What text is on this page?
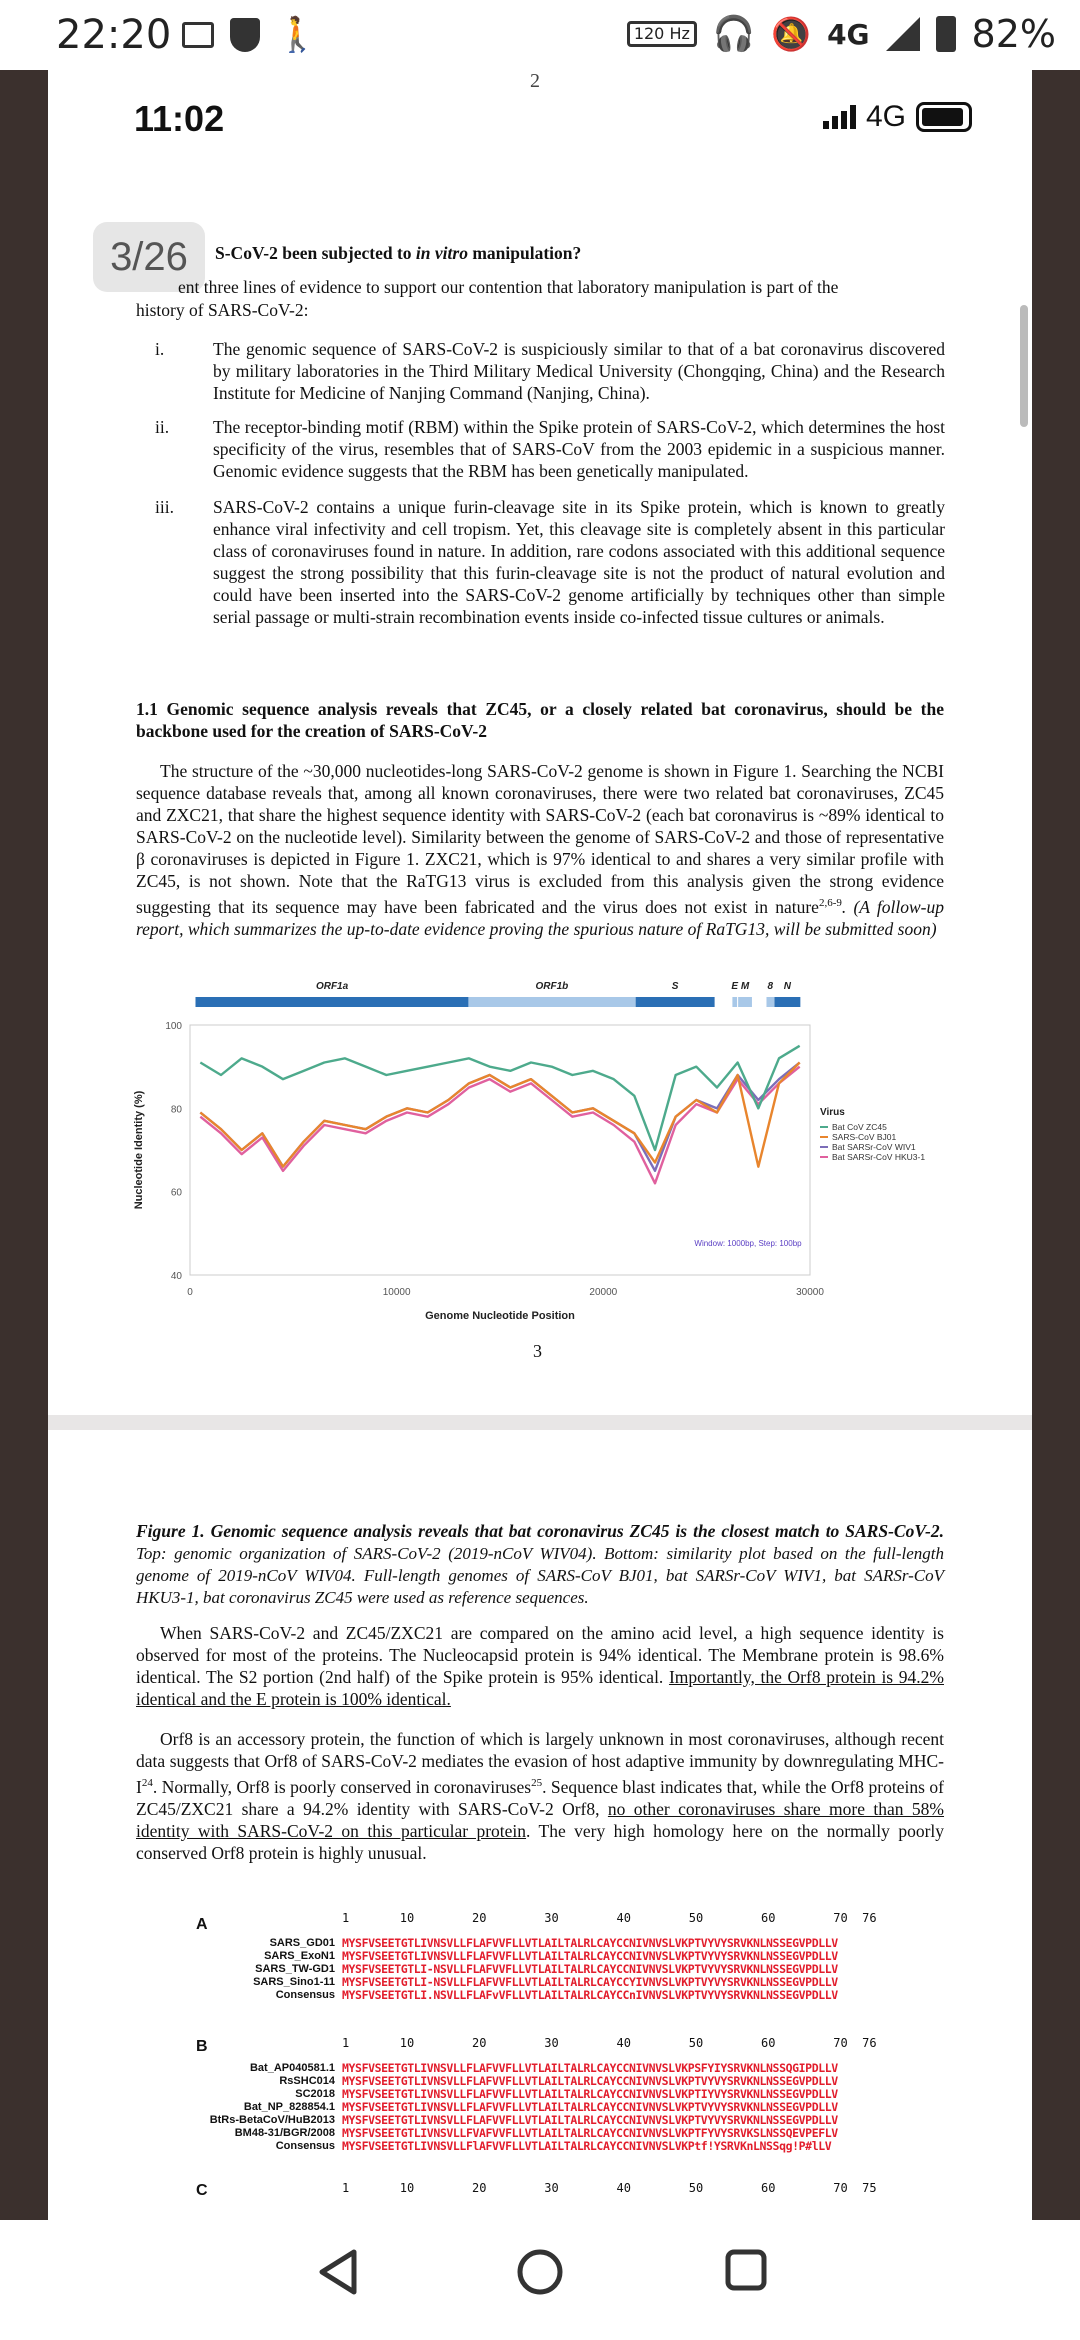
22:20	🚶	120 Hz 🎧 🔕 4G	82%
2
11:02	4G
3/26	S-CoV-2 been subjected to in vitro manipulation?
ent three lines of evidence to support our contention that laboratory manipulation is part of the
history of SARS-CoV-2:
i.	The genomic sequence of SARS-CoV-2 is suspiciously similar to that of a bat coronavirus discovered by military laboratories in the Third Military Medical University (Chongqing, China) and the Research Institute for Medicine of Nanjing Command (Nanjing, China).
ii.	The receptor-binding motif (RBM) within the Spike protein of SARS-CoV-2, which determines the host specificity of the virus, resembles that of SARS-CoV from the 2003 epidemic in a suspicious manner. Genomic evidence suggests that the RBM has been genetically manipulated.
iii.	SARS-CoV-2 contains a unique furin-cleavage site in its Spike protein, which is known to greatly enhance viral infectivity and cell tropism. Yet, this cleavage site is completely absent in this particular class of coronaviruses found in nature. In addition, rare codons associated with this additional sequence suggest the strong possibility that this furin-cleavage site is not the product of natural evolution and could have been inserted into the SARS-CoV-2 genome artificially by techniques other than simple serial passage or multi-strain recombination events inside co-infected tissue cultures or animals.
1.1 Genomic sequence analysis reveals that ZC45, or a closely related bat coronavirus, should be the backbone used for the creation of SARS-CoV-2
The structure of the ~30,000 nucleotides-long SARS-CoV-2 genome is shown in Figure 1. Searching the NCBI sequence database reveals that, among all known coronaviruses, there were two related bat coronaviruses, ZC45 and ZXC21, that share the highest sequence identity with SARS-CoV-2 (each bat coronavirus is ~89% identical to SARS-CoV-2 on the nucleotide level). Similarity between the genome of SARS-CoV-2 and those of representative β coronaviruses is depicted in Figure 1. ZXC21, which is 97% identical to and shares a very similar profile with ZC45, is not shown. Note that the RaTG13 virus is excluded from this analysis given the strong evidence suggesting that its sequence may have been fabricated and the virus does not exist in nature$^{2,6-9}$. (A follow-up report, which summarizes the up-to-date evidence proving the spurious nature of RaTG13, will be submitted soon)
ORF1a	ORF1b	S	E M 8 N
100
80
60
40
0	10000	20000	30000
Genome Nucleotide Position
Nucleotide Identity (%)
Window: 1000bp, Step: 100bp
Virus
Bat CoV ZC45
SARS-CoV BJ01
Bat SARSr-CoV WIV1
Bat SARSr-CoV HKU3-1
3
Figure 1. Genomic sequence analysis reveals that bat coronavirus ZC45 is the closest match to SARS-CoV-2. Top: genomic organization of SARS-CoV-2 (2019-nCoV WIV04). Bottom: similarity plot based on the full-length genome of 2019-nCoV WIV04. Full-length genomes of SARS-CoV BJ01, bat SARSr-CoV WIV1, bat SARSr-CoV HKU3-1, bat coronavirus ZC45 were used as reference sequences.
When SARS-CoV-2 and ZC45/ZXC21 are compared on the amino acid level, a high sequence identity is observed for most of the proteins. The Nucleocapsid protein is 94% identical. The Membrane protein is 98.6% identical. The S2 portion (2nd half) of the Spike protein is 95% identical. Importantly, the Orf8 protein is 94.2% identical and the E protein is 100% identical.
Orf8 is an accessory protein, the function of which is largely unknown in most coronaviruses, although recent data suggests that Orf8 of SARS-CoV-2 mediates the evasion of host adaptive immunity by downregulating MHC-$I^{24}$. Normally, Orf8 is poorly conserved in coronaviruses$^{25}$. Sequence blast indicates that, while the Orf8 proteins of ZC45/ZXC21 share a 94.2% identity with SARS-CoV-2 Orf8, no other coronaviruses share more than 58% identity with SARS-CoV-2 on this particular protein. The very high homology here on the normally poorly conserved Orf8 protein is highly unusual.
A	1       10        20        30        40        50        60        70  76
SARS_GD01 MYSFVSEETGTLIVNSVLLFLAFVVFLLVTLAILTALRLCAYCCNIVNVSLVKPTVYVYSRVKNLNSSEGVPDLLV
SARS_ExoN1 MYSFVSEETGTLIVNSVLLFLAFVVFLLVTLAILTALRLCAYCCNIVNVSLVKPTVYVYSRVKNLNSSEGVPDLLV
SARS_TW-GD1 MYSFVSEETGTLI-NSVLLFLAFVVFLLVTLAILTALRLCAYCCNIVNVSLVKPTVYVYSRVKNLNSSEGVPDLLV
SARS_Sino1-11 MYSFVSEETGTLI-NSVLLFLAFVVFLLVTLAILTALRLCAYCCYIVNVSLVKPTVYVYSRVKNLNSSEGVPDLLV
Consensus MYSFVSEETGTLI.NSVLLFLAFvVFLLVTLAILTALRLCAYCCnIVNVSLVKPTVYVYSRVKNLNSSEGVPDLLV
B	1       10        20        30        40        50        60        70  76
Bat_AP040581.1 MYSFVSEETGTLIVNSVLLFLAFVVFLLVTLAILTALRLCAYCCNIVNVSLVKPSFYIYSRVKNLNSSQGIPDLLV
RsSHC014 MYSFVSEETGTLIVNSVLLFLAFVVFLLVTLAILTALRLCAYCCNIVNVSLVKPTVYVYSRVKNLNSSEGVPDLLV
SC2018 MYSFVSEETGTLIVNSVLLFLAFVVFLLVTLAILTALRLCAYCCNIVNVSLVKPTIYVYSRVKNLNSSEGVPDLLV
Bat_NP_828854.1 MYSFVSEETGTLIVNSVLLFLAFVVFLLVTLAILTALRLCAYCCNIVNVSLVKPTVYVYSRVKNLNSSEGVPDLLV
BtRs-BetaCoV/HuB2013 MYSFVSEETGTLIVNSVLLFLAFVVFLLVTLAILTALRLCAYCCNIVNVSLVKPTVYVYSRVKNLNSSEGVPDLLV
BM48-31/BGR/2008 MYSFVSEETGTLIVNSVLLFVAFVVFLLVTLAILTALRLCAYCCNIVNVSLVKPTFYVYSRVKSLNSSQEVPEFLV
Consensus MYSFVSEETGTLIVNSVLLFlAFVVFLLVTLAILTALRLCAYCCNIVNVSLVKPtf!YSRVKnLNSSqg!P#lLV
C	1       10        20        30        40        50        60        70  75
